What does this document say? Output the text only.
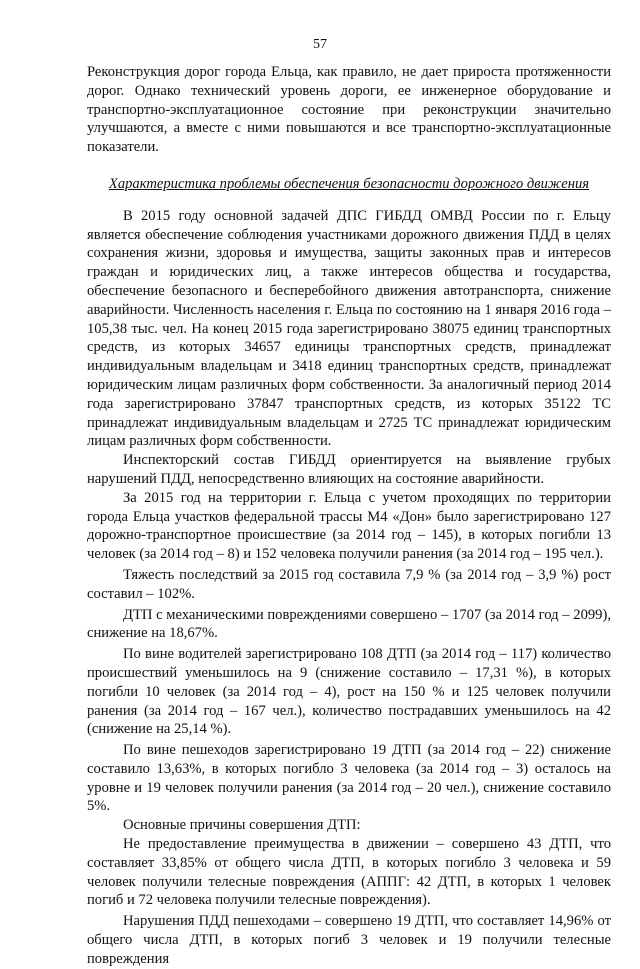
57

Реконструкция дорог города Ельца, как правило, не дает прироста протяженности дорог. Однако технический уровень дороги, ее инженерное оборудование и транспортно-эксплуатационное состояние при реконструкции значительно улучшаются, а вместе с ними повышаются и все транспортно-эксплуатационные показатели.

Характеристика проблемы обеспечения безопасности дорожного движения

В 2015 году основной задачей ДПС ГИБДД ОМВД России по г. Ельцу является обеспечение соблюдения участниками дорожного движения ПДД в целях сохранения жизни, здоровья и имущества, защиты законных прав и интересов граждан и юридических лиц, а также интересов общества и государства, обеспечение безопасного и бесперебойного движения автотранспорта, снижение аварийности. Численность населения г. Ельца по состоянию на 1 января 2016 года – 105,38 тыс. чел. На конец 2015 года зарегистрировано 38075 единиц транспортных средств, из которых 34657 единицы транспортных средств, принадлежат индивидуальным владельцам и 3418 единиц транспортных средств, принадлежат юридическим лицам различных форм собственности. За аналогичный период 2014 года зарегистрировано 37847 транспортных средств, из которых 35122 ТС принадлежат индивидуальным владельцам и 2725 ТС принадлежат юридическим лицам различных форм собственности.

Инспекторский состав ГИБДД ориентируется на выявление грубых нарушений ПДД, непосредственно влияющих на состояние аварийности.

За 2015 год на территории г. Ельца с учетом проходящих по территории города Ельца участков федеральной трассы М4 «Дон» было зарегистрировано 127 дорожно-транспортное происшествие (за 2014 год – 145), в которых погибли 13 человек (за 2014 год – 8) и 152 человека получили ранения (за 2014 год – 195 чел.).

Тяжесть последствий за 2015 год составила 7,9 % (за 2014 год – 3,9 %) рост составил – 102%.

ДТП с механическими повреждениями совершено – 1707 (за 2014 год – 2099), снижение на 18,67%.

По вине водителей зарегистрировано 108 ДТП (за 2014 год – 117) количество происшествий уменьшилось на 9 (снижение составило – 17,31 %), в которых погибли 10 человек (за 2014 год – 4), рост на 150 % и 125 человек получили ранения (за 2014 год – 167 чел.), количество пострадавших уменьшилось на 42 (снижение на 25,14 %).

По вине пешеходов зарегистрировано 19 ДТП (за 2014 год – 22) снижение составило 13,63%, в которых погибло 3 человека (за 2014 год – 3) осталось на уровне и 19 человек получили ранения (за 2014 год – 20 чел.), снижение составило 5%.

Основные причины совершения ДТП:

Не предоставление преимущества в движении – совершено 43 ДТП, что составляет 33,85% от общего числа ДТП, в которых погибло 3 человека и 59 человек получили телесные повреждения (АППГ: 42 ДТП, в которых 1 человек погиб и 72 человека получили телесные повреждения).

Нарушения ПДД пешеходами – совершено 19 ДТП, что составляет 14,96% от общего числа ДТП, в которых погиб 3 человек и 19 получили телесные повреждения
